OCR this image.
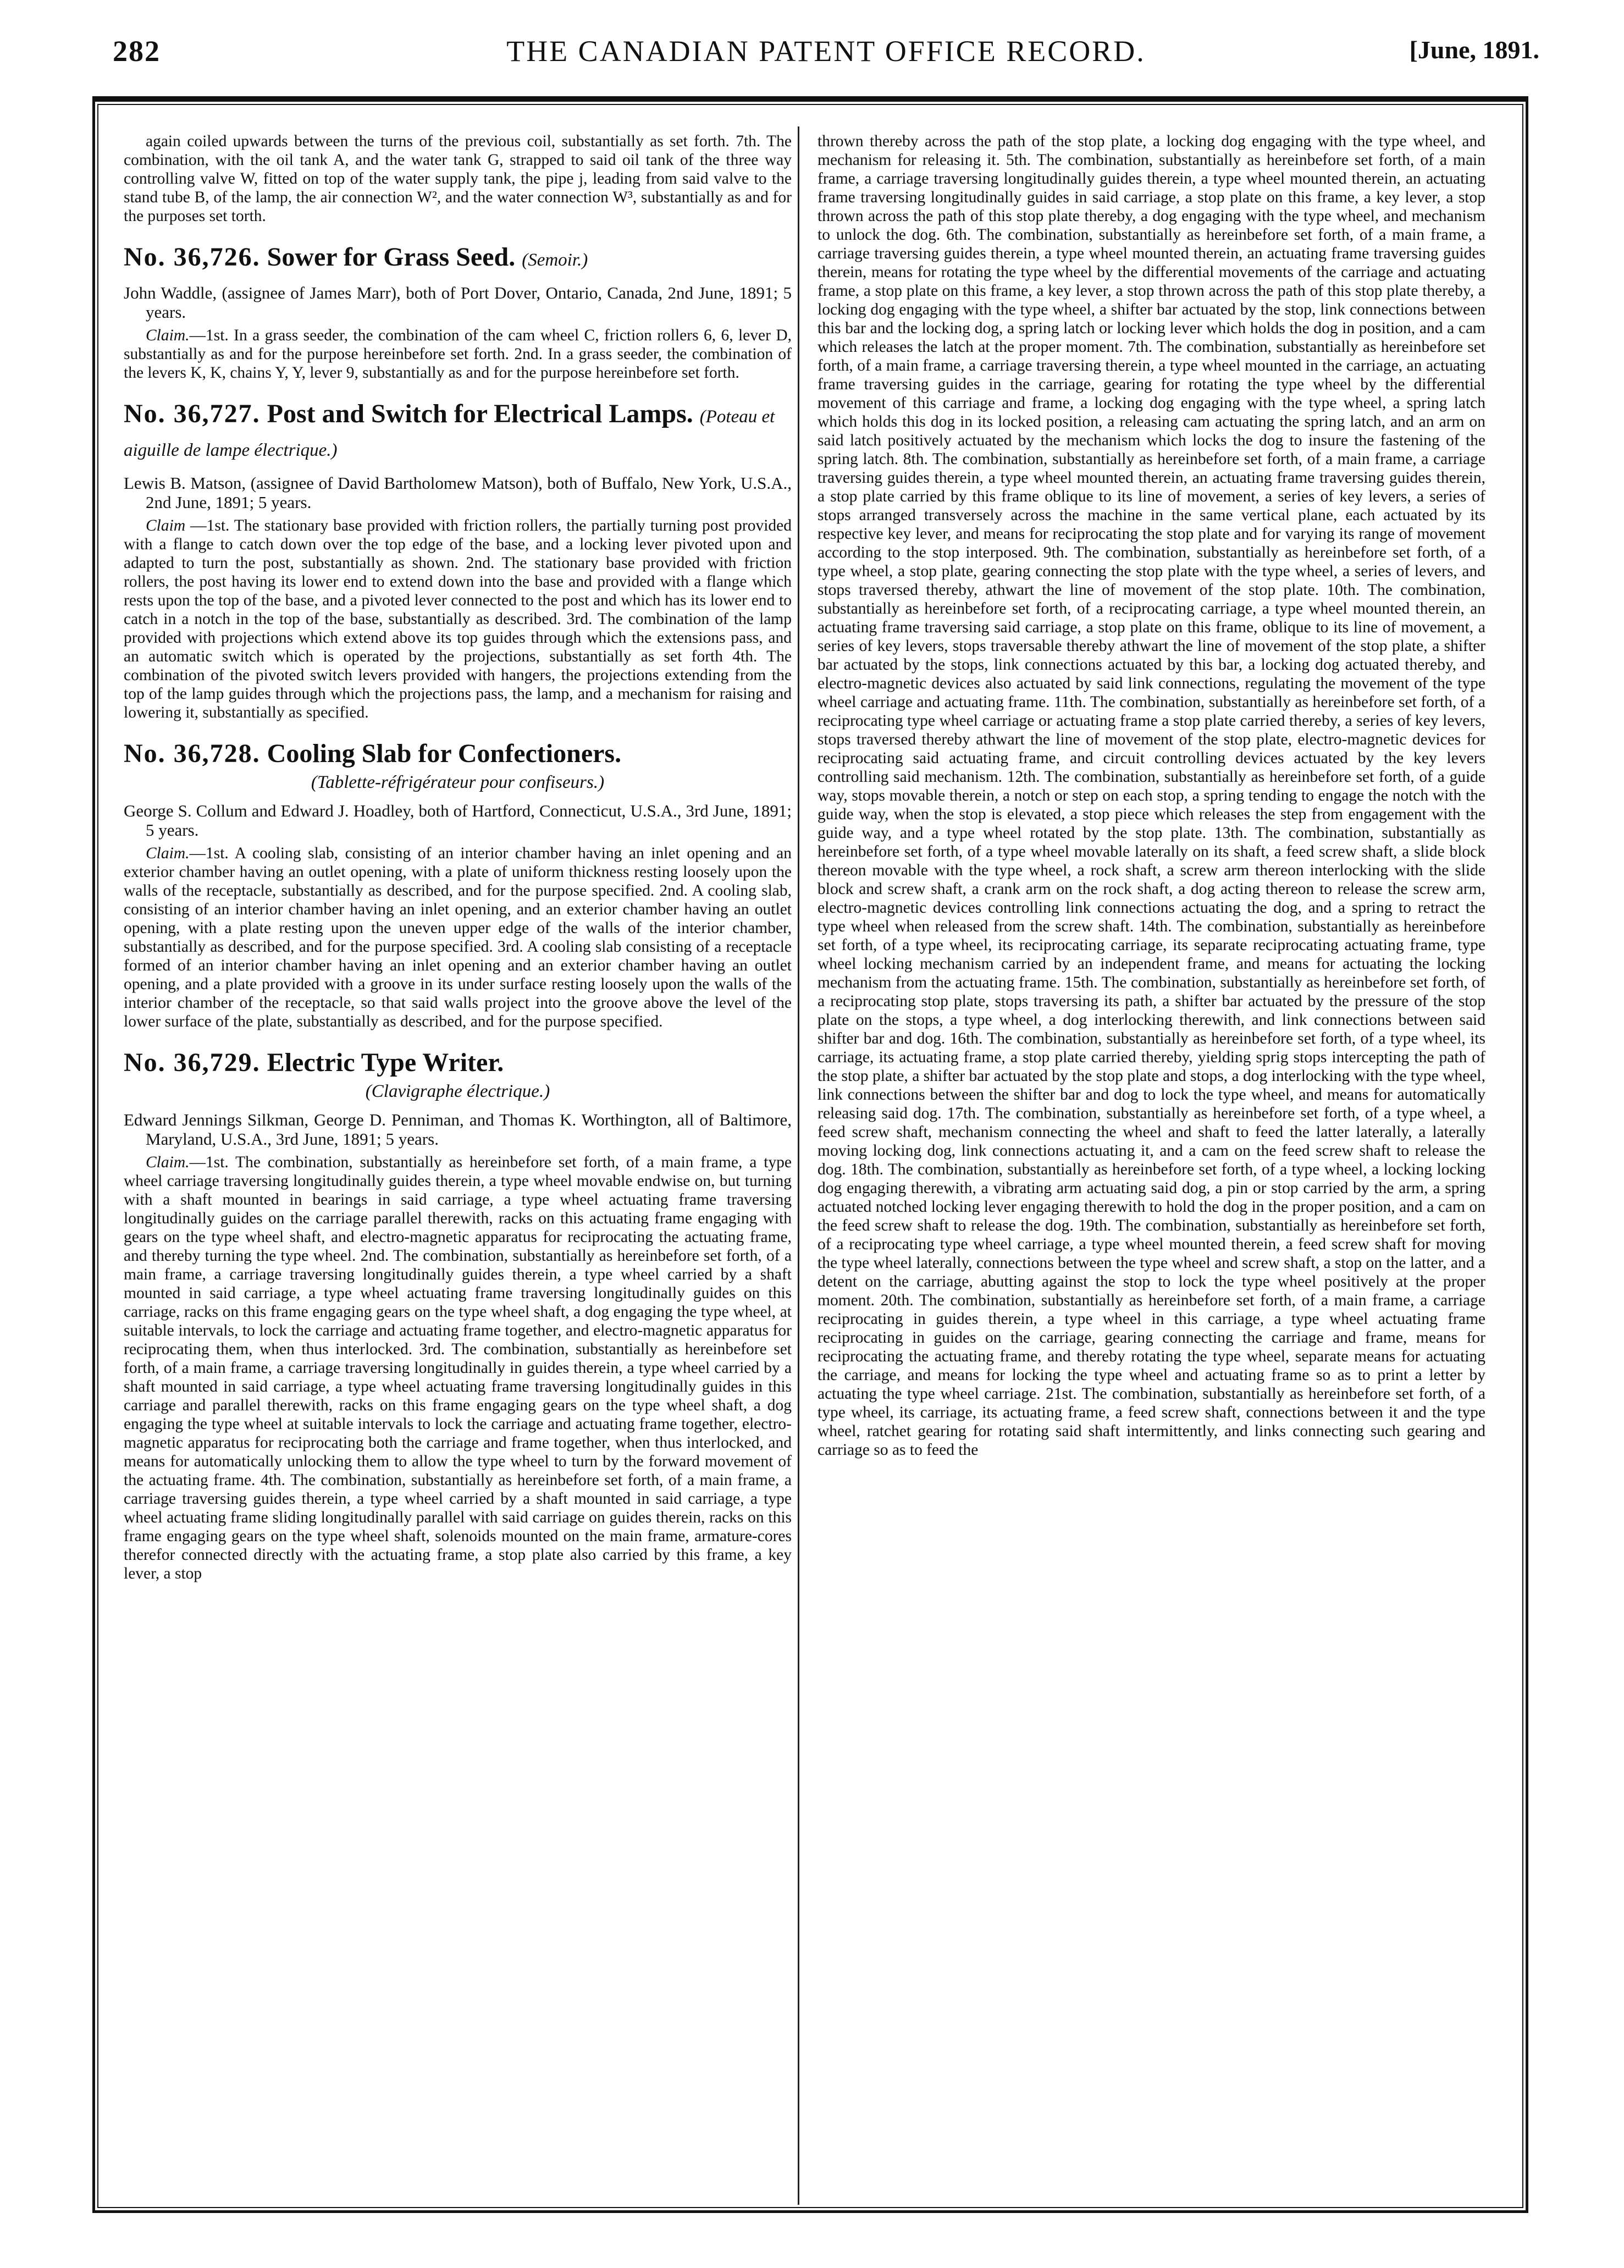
282	THE CANADIAN PATENT OFFICE RECORD.	[June, 1891.

again coiled upwards between the turns of the previous coil, substantially as set forth. 7th. The combination, with the oil tank A, and the water tank G, strapped to said oil tank of the three way controlling valve W, fitted on top of the water supply tank, the pipe j, leading from said valve to the stand tube B, of the lamp, the air connection W², and the water connection W³, substantially as and for the purposes set torth.

No. 36,726. Sower for Grass Seed. (Semoir.)

John Waddle, (assignee of James Marr), both of Port Dover, Ontario, Canada, 2nd June, 1891; 5 years.

Claim.—1st. In a grass seeder, the combination of the cam wheel C, friction rollers 6, 6, lever D, substantially as and for the purpose hereinbefore set forth. 2nd. In a grass seeder, the combination of the levers K, K, chains Y, Y, lever 9, substantially as and for the purpose hereinbefore set forth.

No. 36,727. Post and Switch for Electrical Lamps. (Poteau et aiguille de lampe électrique.)

Lewis B. Matson, (assignee of David Bartholomew Matson), both of Buffalo, New York, U.S.A., 2nd June, 1891; 5 years.

Claim —1st. The stationary base provided with friction rollers, the partially turning post provided with a flange to catch down over the top edge of the base, and a locking lever pivoted upon and adapted to turn the post, substantially as shown. 2nd. The stationary base provided with friction rollers, the post having its lower end to extend down into the base and provided with a flange which rests upon the top of the base, and a pivoted lever connected to the post and which has its lower end to catch in a notch in the top of the base, substantially as described. 3rd. The combination of the lamp provided with projections which extend above its top guides through which the extensions pass, and an automatic switch which is operated by the projections, substantially as set forth 4th. The combination of the pivoted switch levers provided with hangers, the projections extending from the top of the lamp guides through which the projections pass, the lamp, and a mechanism for raising and lowering it, substantially as specified.

No. 36,728. Cooling Slab for Confectioners.
(Tablette-réfrigérateur pour confiseurs.)

George S. Collum and Edward J. Hoadley, both of Hartford, Connecticut, U.S.A., 3rd June, 1891; 5 years.

Claim.—1st. A cooling slab, consisting of an interior chamber having an inlet opening and an exterior chamber having an outlet opening, with a plate of uniform thickness resting loosely upon the walls of the receptacle, substantially as described, and for the purpose specified. 2nd. A cooling slab, consisting of an interior chamber having an inlet opening, and an exterior chamber having an outlet opening, with a plate resting upon the uneven upper edge of the walls of the interior chamber, substantially as described, and for the purpose specified. 3rd. A cooling slab consisting of a receptacle formed of an interior chamber having an inlet opening and an exterior chamber having an outlet opening, and a plate provided with a groove in its under surface resting loosely upon the walls of the interior chamber of the receptacle, so that said walls project into the groove above the level of the lower surface of the plate, substantially as described, and for the purpose specified.

No. 36,729. Electric Type Writer.
(Clavigraphe électrique.)

Edward Jennings Silkman, George D. Penniman, and Thomas K. Worthington, all of Baltimore, Maryland, U.S.A., 3rd June, 1891; 5 years.

Claim.—1st. The combination, substantially as hereinbefore set forth, of a main frame, a type wheel carriage traversing longitudinally guides therein, a type wheel movable endwise on, but turning with a shaft mounted in bearings in said carriage, a type wheel actuating frame traversing longitudinally guides on the carriage parallel therewith, racks on this actuating frame engaging with gears on the type wheel shaft, and electro-magnetic apparatus for reciprocating the actuating frame, and thereby turning the type wheel. 2nd. The combination, substantially as hereinbefore set forth, of a main frame, a carriage traversing longitudinally guides therein, a type wheel carried by a shaft mounted in said carriage, a type wheel actuating frame traversing longitudinally guides on this carriage, racks on this frame engaging gears on the type wheel shaft, a dog engaging the type wheel, at suitable intervals, to lock the carriage and actuating frame together, and electro-magnetic apparatus for reciprocating them, when thus interlocked. 3rd. The combination, substantially as hereinbefore set forth, of a main frame, a carriage traversing longitudinally in guides therein, a type wheel carried by a shaft mounted in said carriage, a type wheel actuating frame traversing longitudinally guides in this carriage and parallel therewith, racks on this frame engaging gears on the type wheel shaft, a dog engaging the type wheel at suitable intervals to lock the carriage and actuating frame together, electro-magnetic apparatus for reciprocating both the carriage and frame together, when thus interlocked, and means for automatically unlocking them to allow the type wheel to turn by the forward movement of the actuating frame. 4th. The combination, substantially as hereinbefore set forth, of a main frame, a carriage traversing guides therein, a type wheel carried by a shaft mounted in said carriage, a type wheel actuating frame sliding longitudinally parallel with said carriage on guides therein, racks on this frame engaging gears on the type wheel shaft, solenoids mounted on the main frame, armature-cores therefor connected directly with the actuating frame, a stop plate also carried by this frame, a key lever, a stop

thrown thereby across the path of the stop plate, a locking dog engaging with the type wheel, and mechanism for releasing it. 5th. The combination, substantially as hereinbefore set forth, of a main frame, a carriage traversing longitudinally guides therein, a type wheel mounted therein, an actuating frame traversing longitudinally guides in said carriage, a stop plate on this frame, a key lever, a stop thrown across the path of this stop plate thereby, a dog engaging with the type wheel, and mechanism to unlock the dog. 6th. The combination, substantially as hereinbefore set forth, of a main frame, a carriage traversing guides therein, a type wheel mounted therein, an actuating frame traversing guides therein, means for rotating the type wheel by the differential movements of the carriage and actuating frame, a stop plate on this frame, a key lever, a stop thrown across the path of this stop plate thereby, a locking dog engaging with the type wheel, a shifter bar actuated by the stop, link connections between this bar and the locking dog, a spring latch or locking lever which holds the dog in position, and a cam which releases the latch at the proper moment. 7th. The combination, substantially as hereinbefore set forth, of a main frame, a carriage traversing therein, a type wheel mounted in the carriage, an actuating frame traversing guides in the carriage, gearing for rotating the type wheel by the differential movement of this carriage and frame, a locking dog engaging with the type wheel, a spring latch which holds this dog in its locked position, a releasing cam actuating the spring latch, and an arm on said latch positively actuated by the mechanism which locks the dog to insure the fastening of the spring latch. 8th. The combination, substantially as hereinbefore set forth, of a main frame, a carriage traversing guides therein, a type wheel mounted therein, an actuating frame traversing guides therein, a stop plate carried by this frame oblique to its line of movement, a series of key levers, a series of stops arranged transversely across the machine in the same vertical plane, each actuated by its respective key lever, and means for reciprocating the stop plate and for varying its range of movement according to the stop interposed. 9th. The combination, substantially as hereinbefore set forth, of a type wheel, a stop plate, gearing connecting the stop plate with the type wheel, a series of levers, and stops traversed thereby, athwart the line of movement of the stop plate. 10th. The combination, substantially as hereinbefore set forth, of a reciprocating carriage, a type wheel mounted therein, an actuating frame traversing said carriage, a stop plate on this frame, oblique to its line of movement, a series of key levers, stops traversable thereby athwart the line of movement of the stop plate, a shifter bar actuated by the stops, link connections actuated by this bar, a locking dog actuated thereby, and electro-magnetic devices also actuated by said link connections, regulating the movement of the type wheel carriage and actuating frame. 11th. The combination, substantially as hereinbefore set forth, of a reciprocating type wheel carriage or actuating frame a stop plate carried thereby, a series of key levers, stops traversed thereby athwart the line of movement of the stop plate, electro-magnetic devices for reciprocating said actuating frame, and circuit controlling devices actuated by the key levers controlling said mechanism. 12th. The combination, substantially as hereinbefore set forth, of a guide way, stops movable therein, a notch or step on each stop, a spring tending to engage the notch with the guide way, when the stop is elevated, a stop piece which releases the step from engagement with the guide way, and a type wheel rotated by the stop plate. 13th. The combination, substantially as hereinbefore set forth, of a type wheel movable laterally on its shaft, a feed screw shaft, a slide block thereon movable with the type wheel, a rock shaft, a screw arm thereon interlocking with the slide block and screw shaft, a crank arm on the rock shaft, a dog acting thereon to release the screw arm, electro-magnetic devices controlling link connections actuating the dog, and a spring to retract the type wheel when released from the screw shaft. 14th. The combination, substantially as hereinbefore set forth, of a type wheel, its reciprocating carriage, its separate reciprocating actuating frame, type wheel locking mechanism carried by an independent frame, and means for actuating the locking mechanism from the actuating frame. 15th. The combination, substantially as hereinbefore set forth, of a reciprocating stop plate, stops traversing its path, a shifter bar actuated by the pressure of the stop plate on the stops, a type wheel, a dog interlocking therewith, and link connections between said shifter bar and dog. 16th. The combination, substantially as hereinbefore set forth, of a type wheel, its carriage, its actuating frame, a stop plate carried thereby, yielding sprig stops intercepting the path of the stop plate, a shifter bar actuated by the stop plate and stops, a dog interlocking with the type wheel, link connections between the shifter bar and dog to lock the type wheel, and means for automatically releasing said dog. 17th. The combination, substantially as hereinbefore set forth, of a type wheel, a feed screw shaft, mechanism connecting the wheel and shaft to feed the latter laterally, a laterally moving locking dog, link connections actuating it, and a cam on the feed screw shaft to release the dog. 18th. The combination, substantially as hereinbefore set forth, of a type wheel, a locking locking dog engaging therewith, a vibrating arm actuating said dog, a pin or stop carried by the arm, a spring actuated notched locking lever engaging therewith to hold the dog in the proper position, and a cam on the feed screw shaft to release the dog. 19th. The combination, substantially as hereinbefore set forth, of a reciprocating type wheel carriage, a type wheel mounted therein, a feed screw shaft for moving the type wheel laterally, connections between the type wheel and screw shaft, a stop on the latter, and a detent on the carriage, abutting against the stop to lock the type wheel positively at the proper moment. 20th. The combination, substantially as hereinbefore set forth, of a main frame, a carriage reciprocating in guides therein, a type wheel in this carriage, a type wheel actuating frame reciprocating in guides on the carriage, gearing connecting the carriage and frame, means for reciprocating the actuating frame, and thereby rotating the type wheel, separate means for actuating the carriage, and means for locking the type wheel and actuating frame so as to print a letter by actuating the type wheel carriage. 21st. The combination, substantially as hereinbefore set forth, of a type wheel, its carriage, its actuating frame, a feed screw shaft, connections between it and the type wheel, ratchet gearing for rotating said shaft intermittently, and links connecting such gearing and carriage so as to feed the
